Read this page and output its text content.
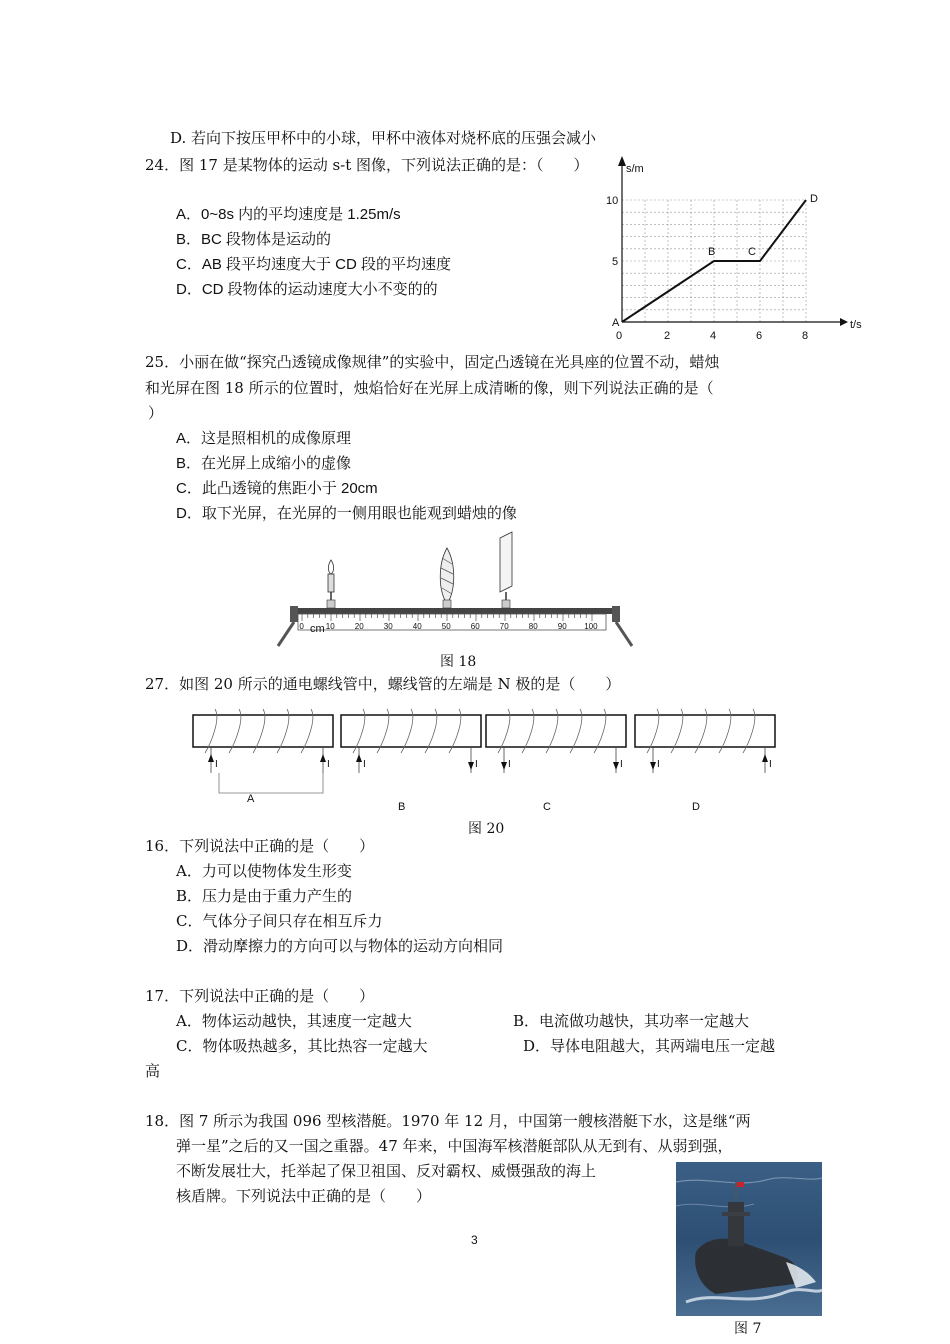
D. 若向下按压甲杯中的小球，甲杯中液体对烧杯底的压强会减小
24．图 17 是某物体的运动 s-t 图像，下列说法正确的是：（　　）
A．0~8s 内的平均速度是 1.25m/s
B．BC 段物体是运动的
C．AB 段平均速度大于 CD 段的平均速度
D．CD 段物体的运动速度大小不变的的
s/m
t/s
0	2	4	6	8
10
5
A
B	C
D
25．小丽在做“探究凸透镜成像规律”的实验中，固定凸透镜在光具座的位置不动，蜡烛
和光屏在图 18 所示的位置时，烛焰恰好在光屏上成清晰的像，则下列说法正确的是（
）
A．这是照相机的成像原理
B．在光屏上成缩小的虚像
C．此凸透镜的焦距小于 20cm
D．取下光屏，在光屏的一侧用眼也能观到蜡烛的像
0	10	20	30	40	50	60	70	80	90 100
cm
图 18
27．如图 20 所示的通电螺线管中，螺线管的左端是 N 极的是（　　）
I	I
A
I	I
B
I	I
C
I	I
D
图 20
16．下列说法中正确的是（　　）
A．力可以使物体发生形变
B．压力是由于重力产生的
C．气体分子间只存在相互斥力
D．滑动摩擦力的方向可以与物体的运动方向相同
17．下列说法中正确的是（　　）
A．物体运动越快，其速度一定越大	B．电流做功越快，其功率一定越大
C．物体吸热越多，其比热容一定越大	D．导体电阻越大，其两端电压一定越
高
18．图 7 所示为我国 096 型核潜艇。1970 年 12 月，中国第一艘核潜艇下水，这是继“两
弹一星”之后的又一国之重器。47 年来，中国海军核潜艇部队从无到有、从弱到强，
不断发展壮大，托举起了保卫祖国、反对霸权、威慑强敌的海上
核盾牌。下列说法中正确的是（　　）
图 7
3
